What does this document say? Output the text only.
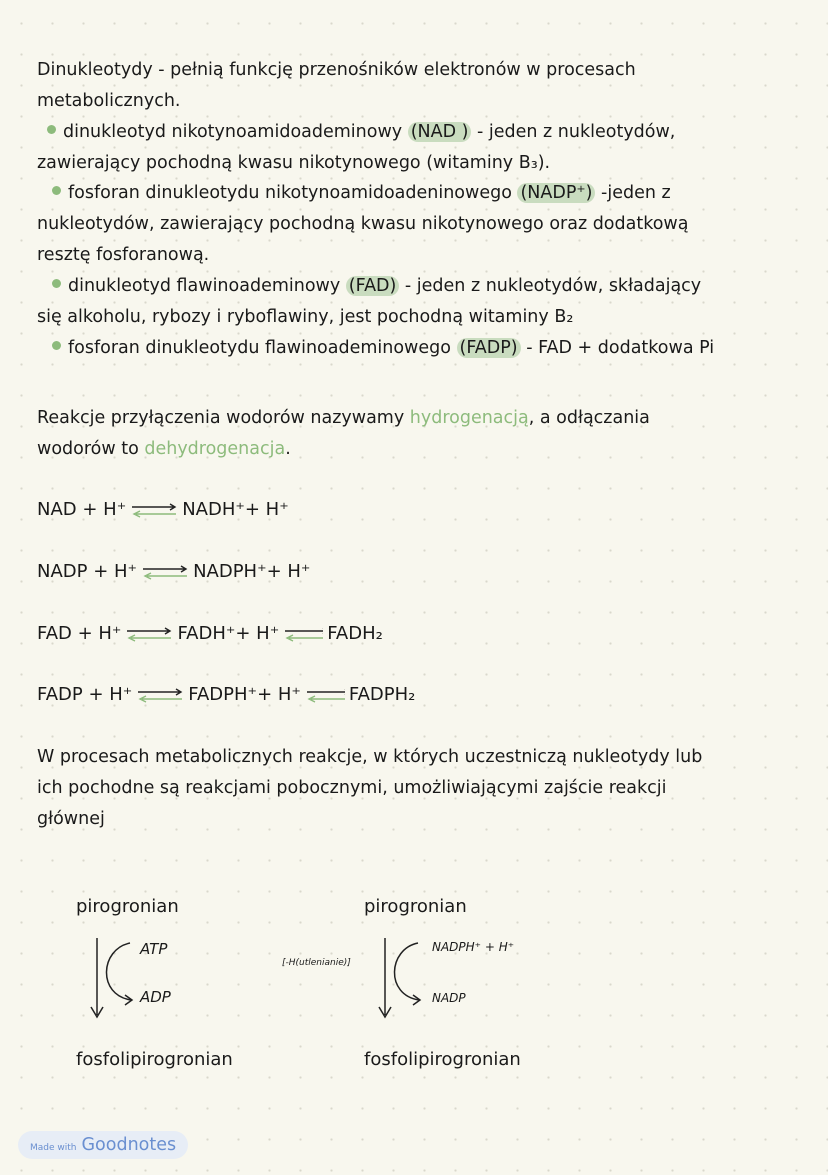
Dinukleotydy - pełnią funkcję przenośników elektronów w procesach
metabolicznych.
dinukleotyd nikotynoamidoademinowy (NAD ) - jeden z nukleotydów,
zawierający pochodną kwasu nikotynowego (witaminy B₃).
fosforan dinukleotydu nikotynoamidoadeninowego (NADP⁺) -jeden z
nukleotydów, zawierający pochodną kwasu nikotynowego oraz dodatkową
resztę fosforanową.
dinukleotyd flawinoademinowy (FAD) - jeden z nukleotydów, składający
się alkoholu, rybozy i ryboflawiny, jest pochodną witaminy B₂
fosforan dinukleotydu flawinoademinowego (FADP) - FAD + dodatkowa Pi
Reakcje przyłączenia wodorów nazywamy hydrogenacją, a odłączania
wodorów to dehydrogenacja.
NAD + H⁺ ⇌ NADH⁺+ H⁺
NADP + H⁺ ⇌ NADPH⁺+ H⁺
FAD + H⁺ ⇌ FADH⁺+ H⁺ ⇌ FADH₂
FADP + H⁺ ⇌ FADPH⁺+ H⁺ ⇌ FADPH₂
W procesach metabolicznych reakcje, w których uczestniczą nukleotydy lub
ich pochodne są reakcjami pobocznymi, umożliwiającymi zajście reakcji
głównej
pirogronian
ATP
ADP
fosfolipirogronian
pirogronian
[-H(utlenianie)]
NADPH⁺ + H⁺
NADP
fosfolipirogronian
Made with Goodnotes
